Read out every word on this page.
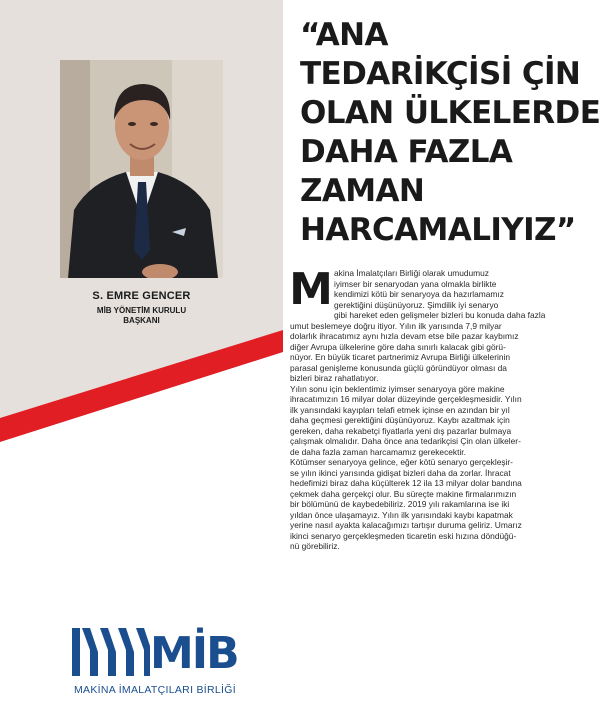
S. EMRE GENCER
MİB YÖNETİM KURULU
BAŞKANI
“ANA
TEDARİKÇİSİ ÇİN
OLAN ÜLKELERDE
DAHA FAZLA
ZAMAN
HARCAMALIYIZ”
M akina İmalatçıları Birliği olarak umudumuz
iyimser bir senaryodan yana olmakla birlikte
kendimizi kötü bir senaryoya da hazırlamamız
gerektiğini düşünüyoruz. Şimdilik iyi senaryo
gibi hareket eden gelişmeler bizleri bu konuda daha fazla
umut beslemeye doğru itiyor. Yılın ilk yarısında 7,9 milyar
dolarlık ihracatımız aynı hızla devam etse bile pazar kaybımız
diğer Avrupa ülkelerine göre daha sınırlı kalacak gibi görü-
nüyor. En büyük ticaret partnerimiz Avrupa Birliği ülkelerinin
parasal genişleme konusunda güçlü göründüyor olması da
bizleri biraz rahatlatıyor.
Yılın sonu için beklentimiz iyimser senaryoya göre makine
ihracatımızın 16 milyar dolar düzeyinde gerçekleşmesidir. Yılın
ilk yarısındaki kayıpları telafi etmek içinse en azından bir yıl
daha geçmesi gerektiğini düşünüyoruz. Kaybı azaltmak için
gereken, daha rekabetçi fiyatlarla yeni dış pazarlar bulmaya
çalışmak olmalıdır. Daha önce ana tedarikçisi Çin olan ülkeler-
de daha fazla zaman harcamamız gerekecektir.
Kötümser senaryoya gelince, eğer kötü senaryo gerçekleşir-
se yılın ikinci yarısında gidişat bizleri daha da zorlar. İhracat
hedefimizi biraz daha küçülterek 12 ila 13 milyar dolar bandına
çekmek daha gerçekçi olur. Bu süreçte makine firmalarımızın
bir bölümünü de kaybedebiliriz. 2019 yılı rakamlarına ise iki
yıldan önce ulaşamayız. Yılın ilk yarısındaki kaybı kapatmak
yerine nasıl ayakta kalacağımızı tartışır duruma geliriz. Umarız
ikinci senaryo gerçekleşmeden ticaretin eski hızına döndüğü-
nü görebiliriz.
MİB
MAKİNA İMALATÇILARI BİRLİĞİ
